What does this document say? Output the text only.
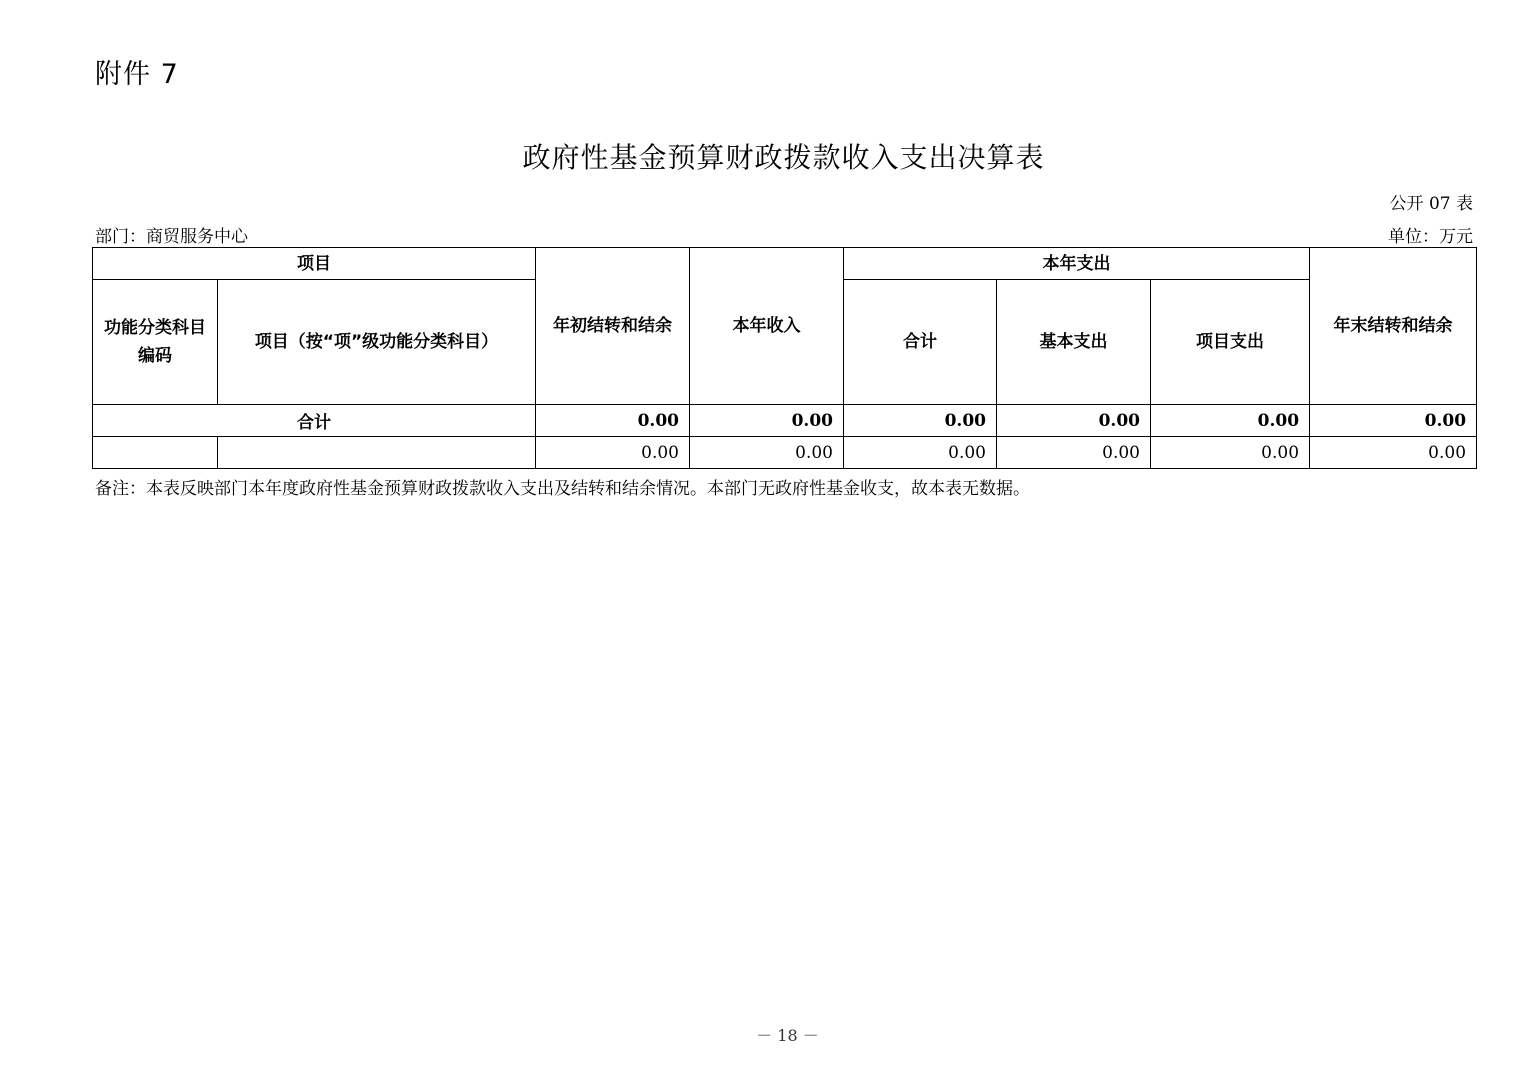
附件 7
政府性基金预算财政拨款收入支出决算表
公开 07 表
部门：商贸服务中心	单位：万元
项目		年初结转和结余	本年收入	本年支出			年末结转和结余
功能分类科目编码	项目（按“项”级功能分类科目）			合计	基本支出	项目支出	
合计		0.00	0.00	0.00	0.00	0.00	0.00
		0.00	0.00	0.00	0.00	0.00	0.00
备注：本表反映部门本年度政府性基金预算财政拨款收入支出及结转和结余情况。本部门无政府性基金收支，故本表无数据。
－ 18 －
